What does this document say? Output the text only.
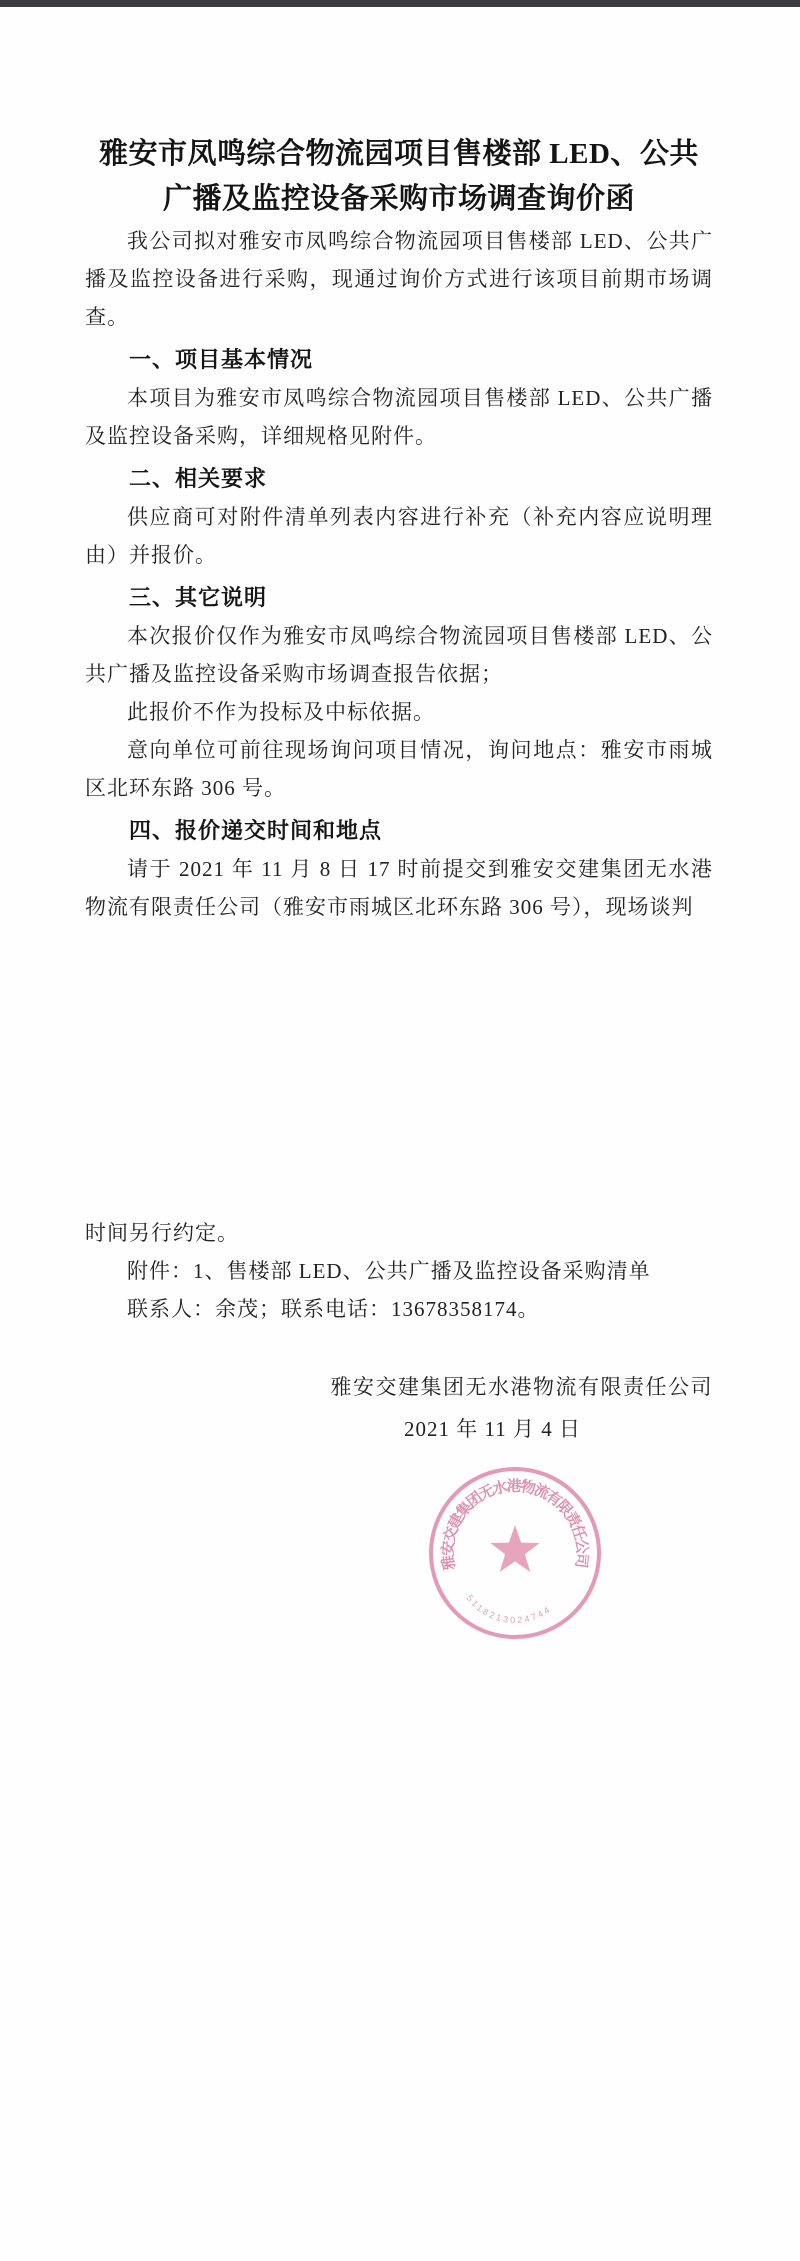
雅安市凤鸣综合物流园项目售楼部 LED、公共
广播及监控设备采购市场调查询价函

我公司拟对雅安市凤鸣综合物流园项目售楼部 LED、公共广播及监控设备进行采购，现通过询价方式进行该项目前期市场调查。

一、项目基本情况

本项目为雅安市凤鸣综合物流园项目售楼部 LED、公共广播及监控设备采购，详细规格见附件。

二、相关要求

供应商可对附件清单列表内容进行补充（补充内容应说明理由）并报价。

三、其它说明

本次报价仅作为雅安市凤鸣综合物流园项目售楼部 LED、公共广播及监控设备采购市场调查报告依据；

此报价不作为投标及中标依据。

意向单位可前往现场询问项目情况，询问地点：雅安市雨城区北环东路 306 号。

四、报价递交时间和地点

请于 2021 年 11 月 8 日 17 时前提交到雅安交建集团无水港物流有限责任公司（雅安市雨城区北环东路 306 号），现场谈判

时间另行约定。

附件：1、售楼部 LED、公共广播及监控设备采购清单

联系人：余茂；联系电话：13678358174。

雅安交建集团无水港物流有限责任公司

2021 年 11 月 4 日

雅安交建集团无水港物流有限责任公司
5118213024744
